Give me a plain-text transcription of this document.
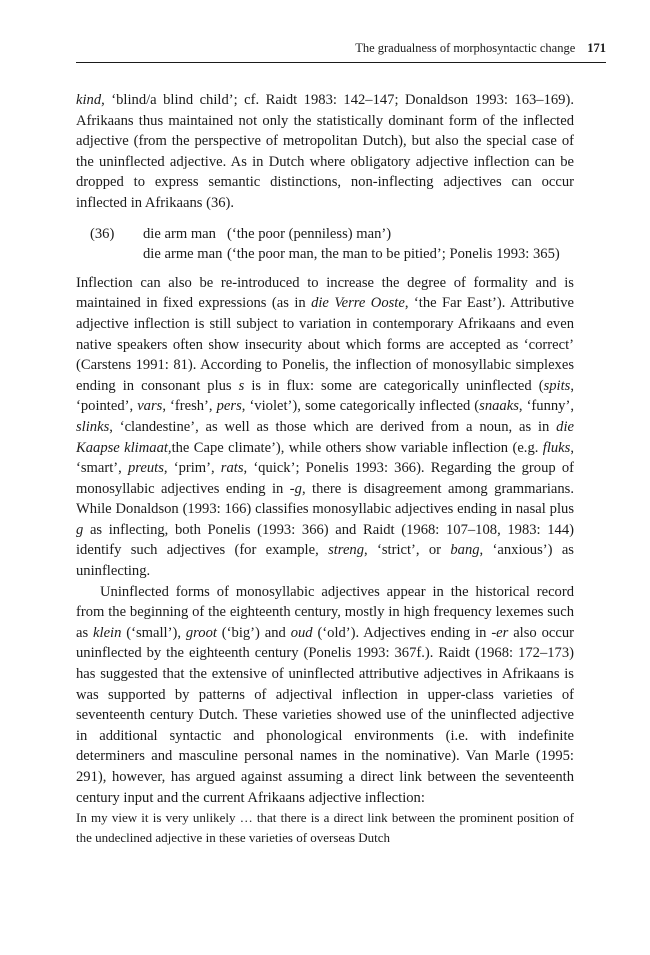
The gradualness of morphosyntactic change 171

kind, ‘blind/a blind child’; cf. Raidt 1983: 142–147; Donaldson 1993: 163–169). Afrikaans thus maintained not only the statistically dominant form of the inflected adjective (from the perspective of metropolitan Dutch), but also the special case of the uninflected adjective. As in Dutch where obligatory adjective inflection can be dropped to express semantic distinctions, non-inflecting adjectives can occur inflected in Afrikaans (36).

(36)	die arm man (‘the poor (penniless) man’)
die arme man (‘the poor man, the man to be pitied’; Ponelis 1993: 365)

Inflection can also be re-introduced to increase the degree of formality and is maintained in fixed expressions (as in die Verre Ooste, ‘the Far East’). Attributive adjective inflection is still subject to variation in contemporary Afrikaans and even native speakers often show insecurity about which forms are accepted as ‘correct’ (Carstens 1991: 81). According to Ponelis, the inflection of monosyllabic simplexes ending in consonant plus s is in flux: some are categorically uninflected (spits, ‘pointed’, vars, ‘fresh’, pers, ‘violet’), some categorically inflected (snaaks, ‘funny’, slinks, ‘clandestine’, as well as those which are derived from a noun, as in die Kaapse klimaat,the Cape climate’), while others show variable inflection (e.g. fluks, ‘smart’, preuts, ‘prim’, rats, ‘quick’; Ponelis 1993: 366). Regarding the group of monosyllabic adjectives ending in -g, there is disagreement among grammarians. While Donaldson (1993: 166) classifies monosyllabic adjectives ending in nasal plus g as inflecting, both Ponelis (1993: 366) and Raidt (1968: 107–108, 1983: 144) identify such adjectives (for example, streng, ‘strict’, or bang, ‘anxious’) as uninflecting.

Uninflected forms of monosyllabic adjectives appear in the historical record from the beginning of the eighteenth century, mostly in high frequency lexemes such as klein (‘small’), groot (‘big’) and oud (‘old’). Adjectives ending in -er also occur uninflected by the eighteenth century (Ponelis 1993: 367f.). Raidt (1968: 172–173) has suggested that the extensive of uninflected attributive adjectives in Afrikaans is was supported by patterns of adjectival inflection in upper-class varieties of seventeenth century Dutch. These varieties showed use of the uninflected adjective in additional syntactic and phonological environments (i.e. with indefinite determiners and masculine personal names in the nominative). Van Marle (1995: 291), however, has argued against assuming a direct link between the seventeenth century input and the current Afrikaans adjective inflection:

In my view it is very unlikely … that there is a direct link between the prominent position of the undeclined adjective in these varieties of overseas Dutch
